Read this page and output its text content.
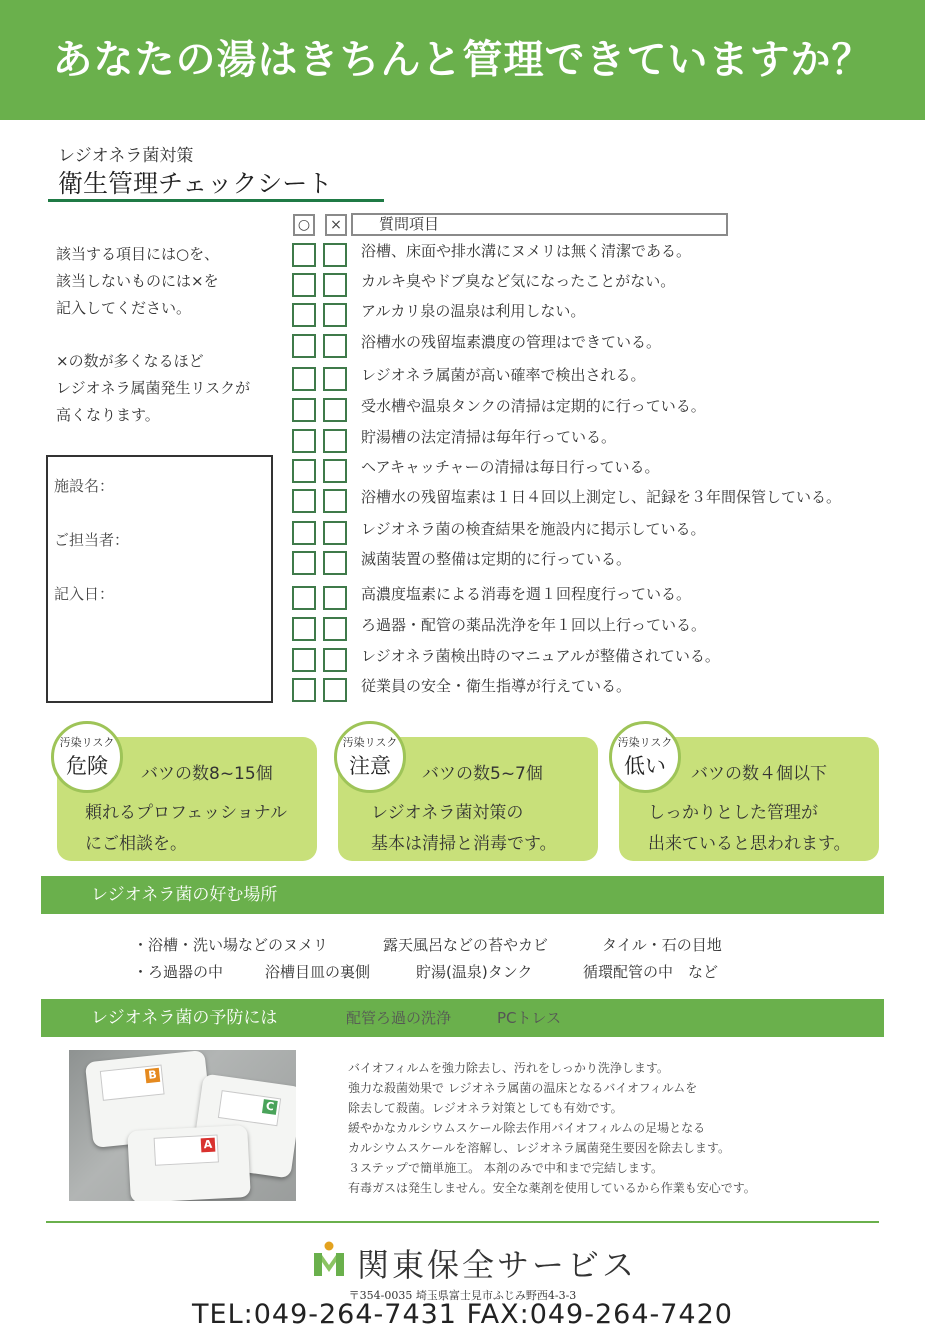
あなたの湯はきちんと管理できていますか？
レジオネラ菌対策
衛生管理チェックシート
該当する項目には○を、
該当しないものには×を
記入してください。
×の数が多くなるほど
レジオネラ属菌発生リスクが
高くなります。
施設名：
ご担当者：
記入日：
○	×	質問項目
浴槽、床面や排水溝にヌメリは無く清潔である。
カルキ臭やドブ臭など気になったことがない。
アルカリ泉の温泉は利用しない。
浴槽水の残留塩素濃度の管理はできている。
レジオネラ属菌が高い確率で検出される。
受水槽や温泉タンクの清掃は定期的に行っている。
貯湯槽の法定清掃は毎年行っている。
ヘアキャッチャーの清掃は毎日行っている。
浴槽水の残留塩素は１日４回以上測定し、記録を３年間保管している。
レジオネラ菌の検査結果を施設内に掲示している。
滅菌装置の整備は定期的に行っている。
高濃度塩素による消毒を週１回程度行っている。
ろ過器・配管の薬品洗浄を年１回以上行っている。
レジオネラ菌検出時のマニュアルが整備されている。
従業員の安全・衛生指導が行えている。
汚染リスク
危険	バツの数8~15個
頼れるプロフェッショナル
にご相談を。
汚染リスク
注意	バツの数5~7個
レジオネラ菌対策の
基本は清掃と消毒です。
汚染リスク
低い	バツの数４個以下
しっかりとした管理が
出来ていると思われます。
レジオネラ菌の好む場所
・浴槽・洗い場などのヌメリ	露天風呂などの苔やカビ	タイル・石の目地
・ろ過器の中	浴槽目皿の裏側	貯湯(温泉)タンク	循環配管の中　など
レジオネラ菌の予防には	配管ろ過の洗浄	PCトレス
B
C
A
バイオフィルムを強力除去し、汚れをしっかり洗浄します。
強力な殺菌効果で レジオネラ属菌の温床となるバイオフィルムを
除去して殺菌。レジオネラ対策としても有効です。
緩やかなカルシウムスケール除去作用バイオフィルムの足場となる
カルシウムスケールを溶解し、レジオネラ属菌発生要因を除去します。
３ステップで簡単施工。 本剤のみで中和まで完結します。
有毒ガスは発生しません。安全な薬剤を使用しているから作業も安心です。
関東保全サービス
〒354-0035 埼玉県富士見市ふじみ野西4-3-3
TEL:049-264-7431 FAX:049-264-7420
